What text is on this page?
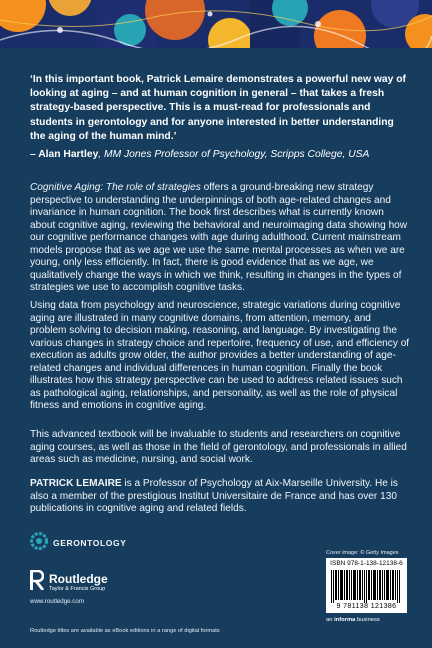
‘In this important book, Patrick Lemaire demonstrates a powerful new way of looking at aging – and at human cognition in general – that takes a fresh strategy-based perspective. This is a must-read for professionals and students in gerontology and for anyone interested in better understanding the aging of the human mind.’
– Alan Hartley, MM Jones Professor of Psychology, Scripps College, USA
Cognitive Aging: The role of strategies offers a ground-breaking new strategy perspective to understanding the underpinnings of both age-related changes and invariance in human cognition. The book first describes what is currently known about cognitive aging, reviewing the behavioral and neuroimaging data showing how our cognitive performance changes with age during adulthood. Current mainstream models propose that as we age we use the same mental processes as when we are young, only less efficiently. In fact, there is good evidence that as we age, we qualitatively change the ways in which we think, resulting in changes in the types of strategies we use to accomplish cognitive tasks.
Using data from psychology and neuroscience, strategic variations during cognitive aging are illustrated in many cognitive domains, from attention, memory, and problem solving to decision making, reasoning, and language. By investigating the various changes in strategy choice and repertoire, frequency of use, and efficiency of execution as adults grow older, the author provides a better understanding of age-related changes and individual differences in human cognition. Finally the book illustrates how this strategy perspective can be used to address related issues such as pathological aging, relationships, and personality, as well as the role of physical fitness and emotions in cognitive aging.
This advanced textbook will be invaluable to students and researchers on cognitive aging courses, as well as those in the field of gerontology, and professionals in allied areas such as medicine, nursing, and social work.
PATRICK LEMAIRE is a Professor of Psychology at Aix-Marseille University. He is also a member of the prestigious Institut Universitaire de France and has over 130 publications in cognitive aging and related fields.
GERONTOLOGY
Routledge
Taylor & Francis Group
www.routledge.com
Routledge titles are available as eBook editions in a range of digital formats
Cover image: © Getty Images
ISBN 978-1-138-12138-6
9 781138 121386
an informa business
